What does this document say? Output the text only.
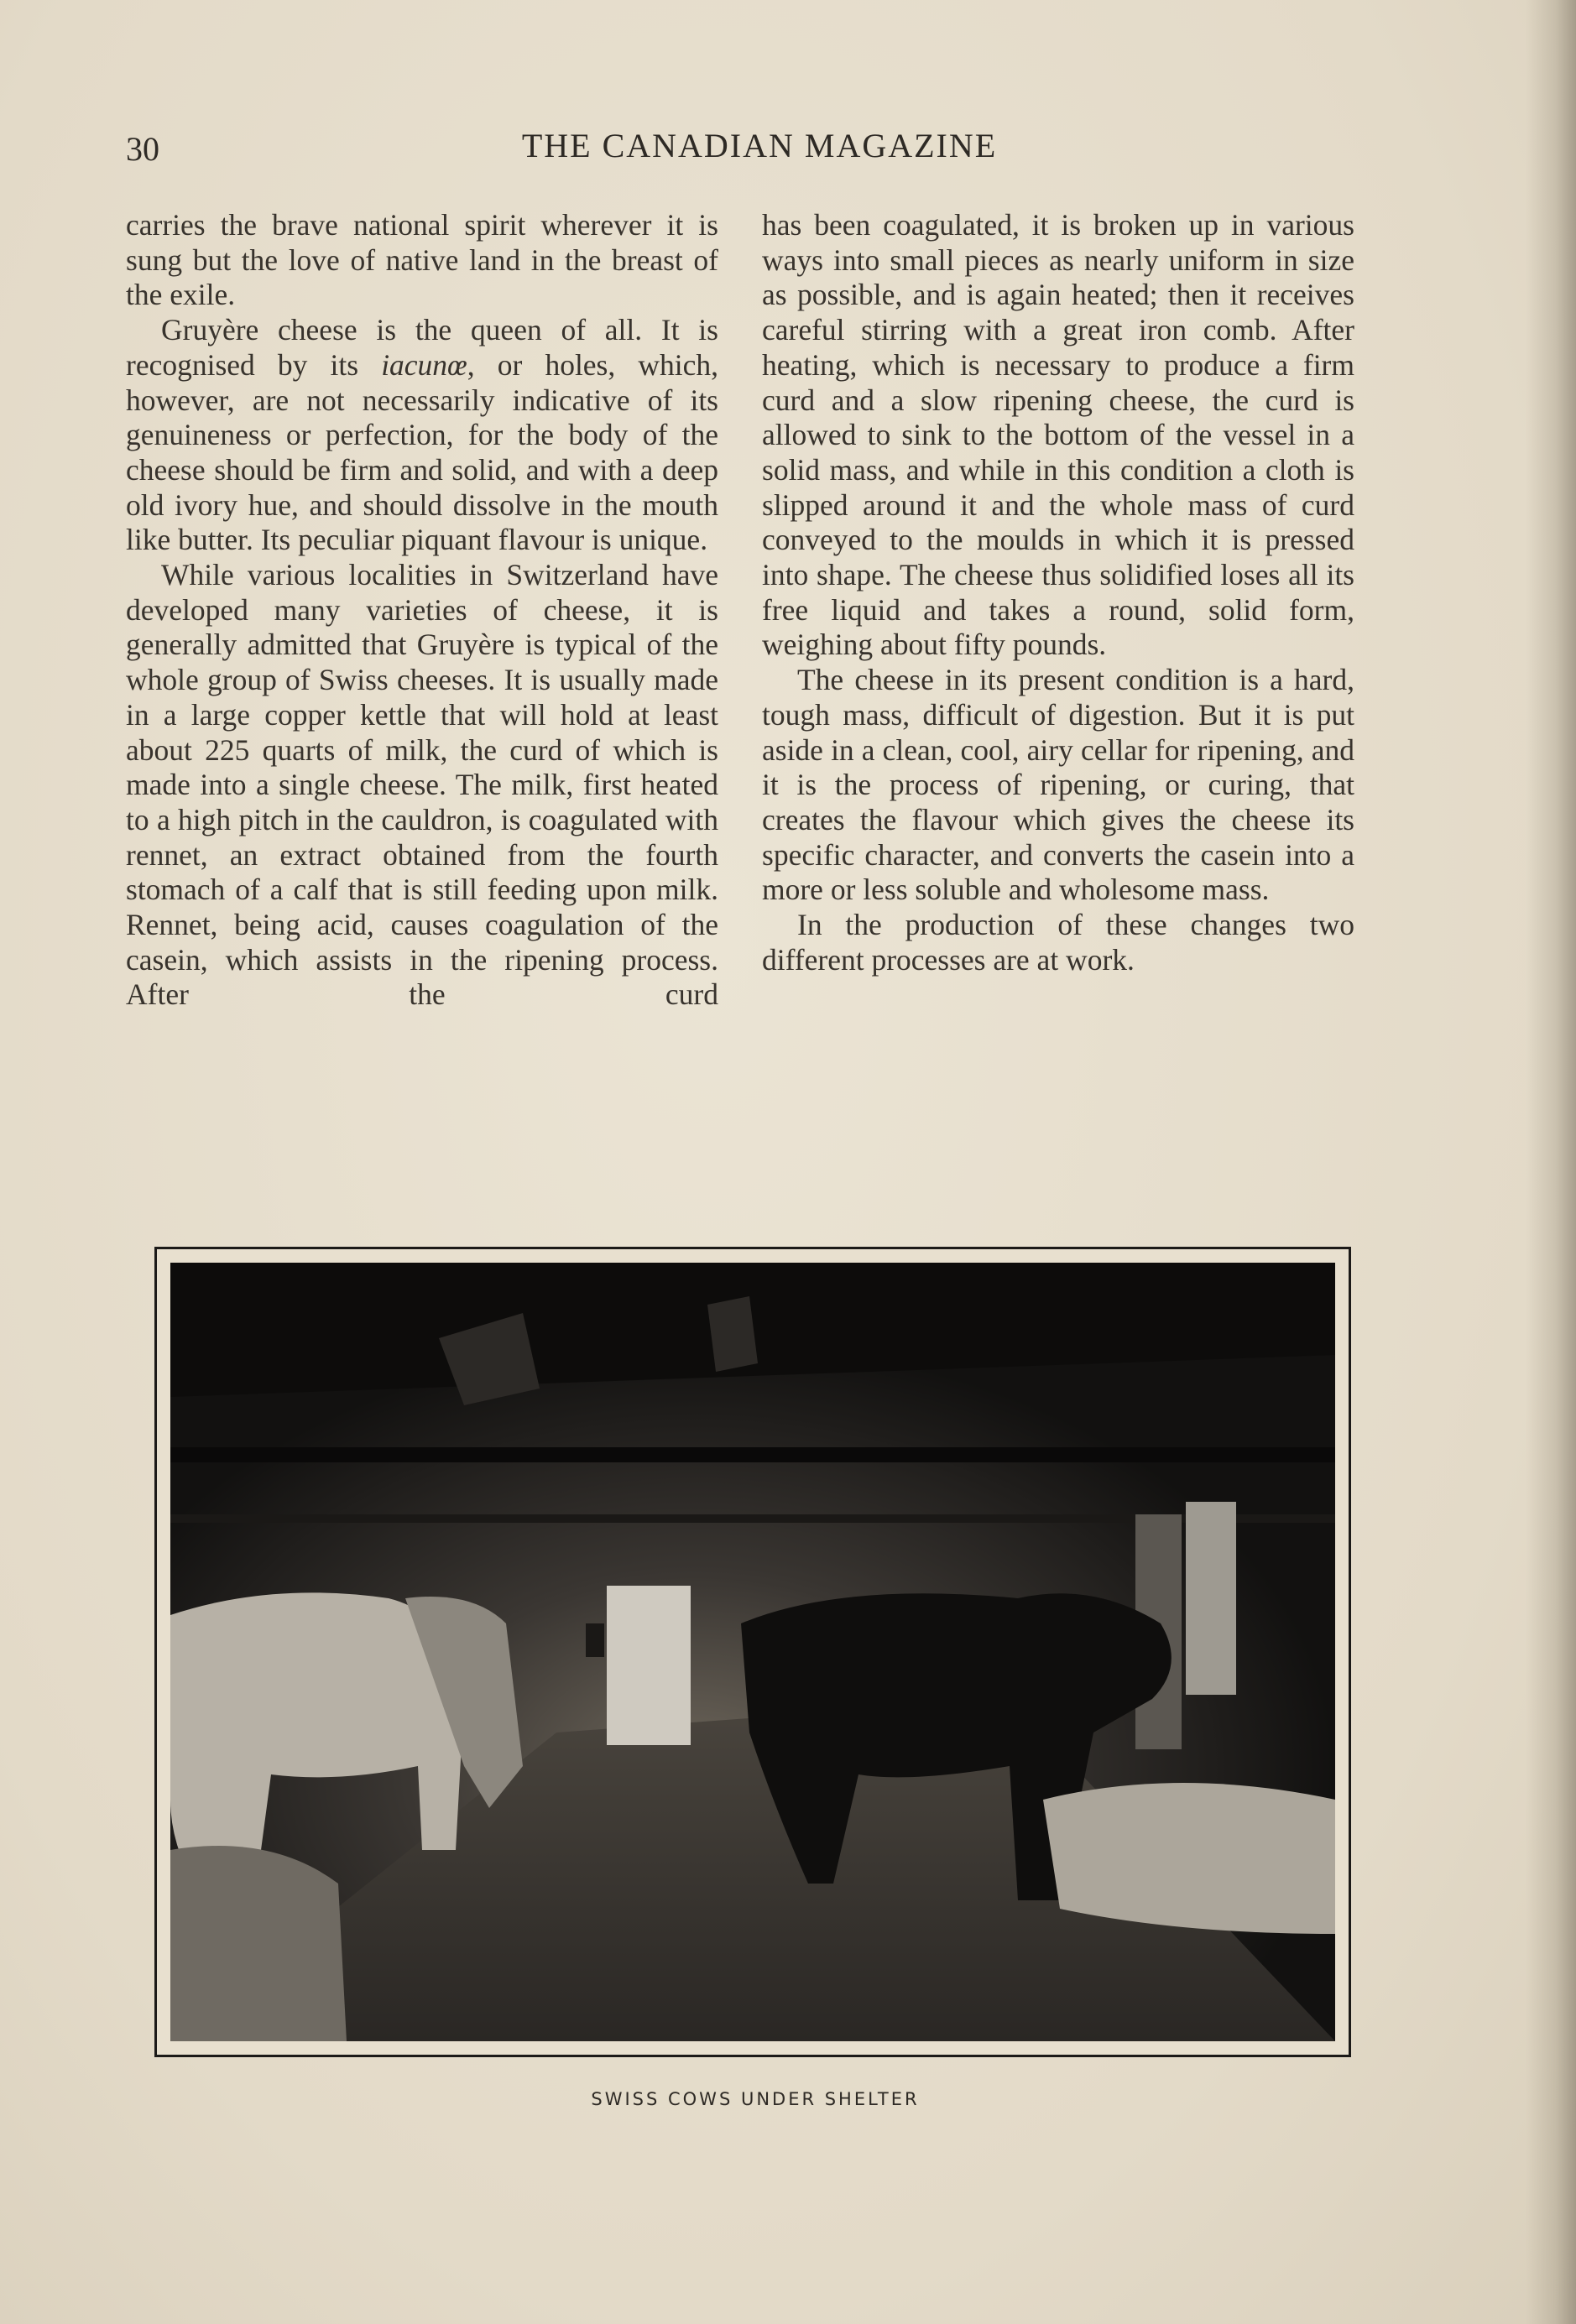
30	THE CANADIAN MAGAZINE

carries the brave national spirit wherever it is sung but the love of native land in the breast of the exile.

Gruyère cheese is the queen of all. It is recognised by its iacunœ, or holes, which, however, are not necessarily indicative of its genuineness or perfection, for the body of the cheese should be firm and solid, and with a deep old ivory hue, and should dissolve in the mouth like butter. Its peculiar piquant flavour is unique.

While various localities in Switzerland have developed many varieties of cheese, it is generally admitted that Gruyère is typical of the whole group of Swiss cheeses. It is usually made in a large copper kettle that will hold at least about 225 quarts of milk, the curd of which is made into a single cheese. The milk, first heated to a high pitch in the cauldron, is coagulated with rennet, an extract obtained from the fourth stomach of a calf that is still feeding upon milk. Rennet, being acid, causes coagulation of the casein, which assists in the ripening process. After the curd

has been coagulated, it is broken up in various ways into small pieces as nearly uniform in size as possible, and is again heated; then it receives careful stirring with a great iron comb. After heating, which is necessary to produce a firm curd and a slow ripening cheese, the curd is allowed to sink to the bottom of the vessel in a solid mass, and while in this condition a cloth is slipped around it and the whole mass of curd conveyed to the moulds in which it is pressed into shape. The cheese thus solidified loses all its free liquid and takes a round, solid form, weighing about fifty pounds.

The cheese in its present condition is a hard, tough mass, difficult of digestion. But it is put aside in a clean, cool, airy cellar for ripening, and it is the process of ripening, or curing, that creates the flavour which gives the cheese its specific character, and converts the casein into a more or less soluble and wholesome mass.

In the production of these changes two different processes are at work.

SWISS COWS UNDER SHELTER
